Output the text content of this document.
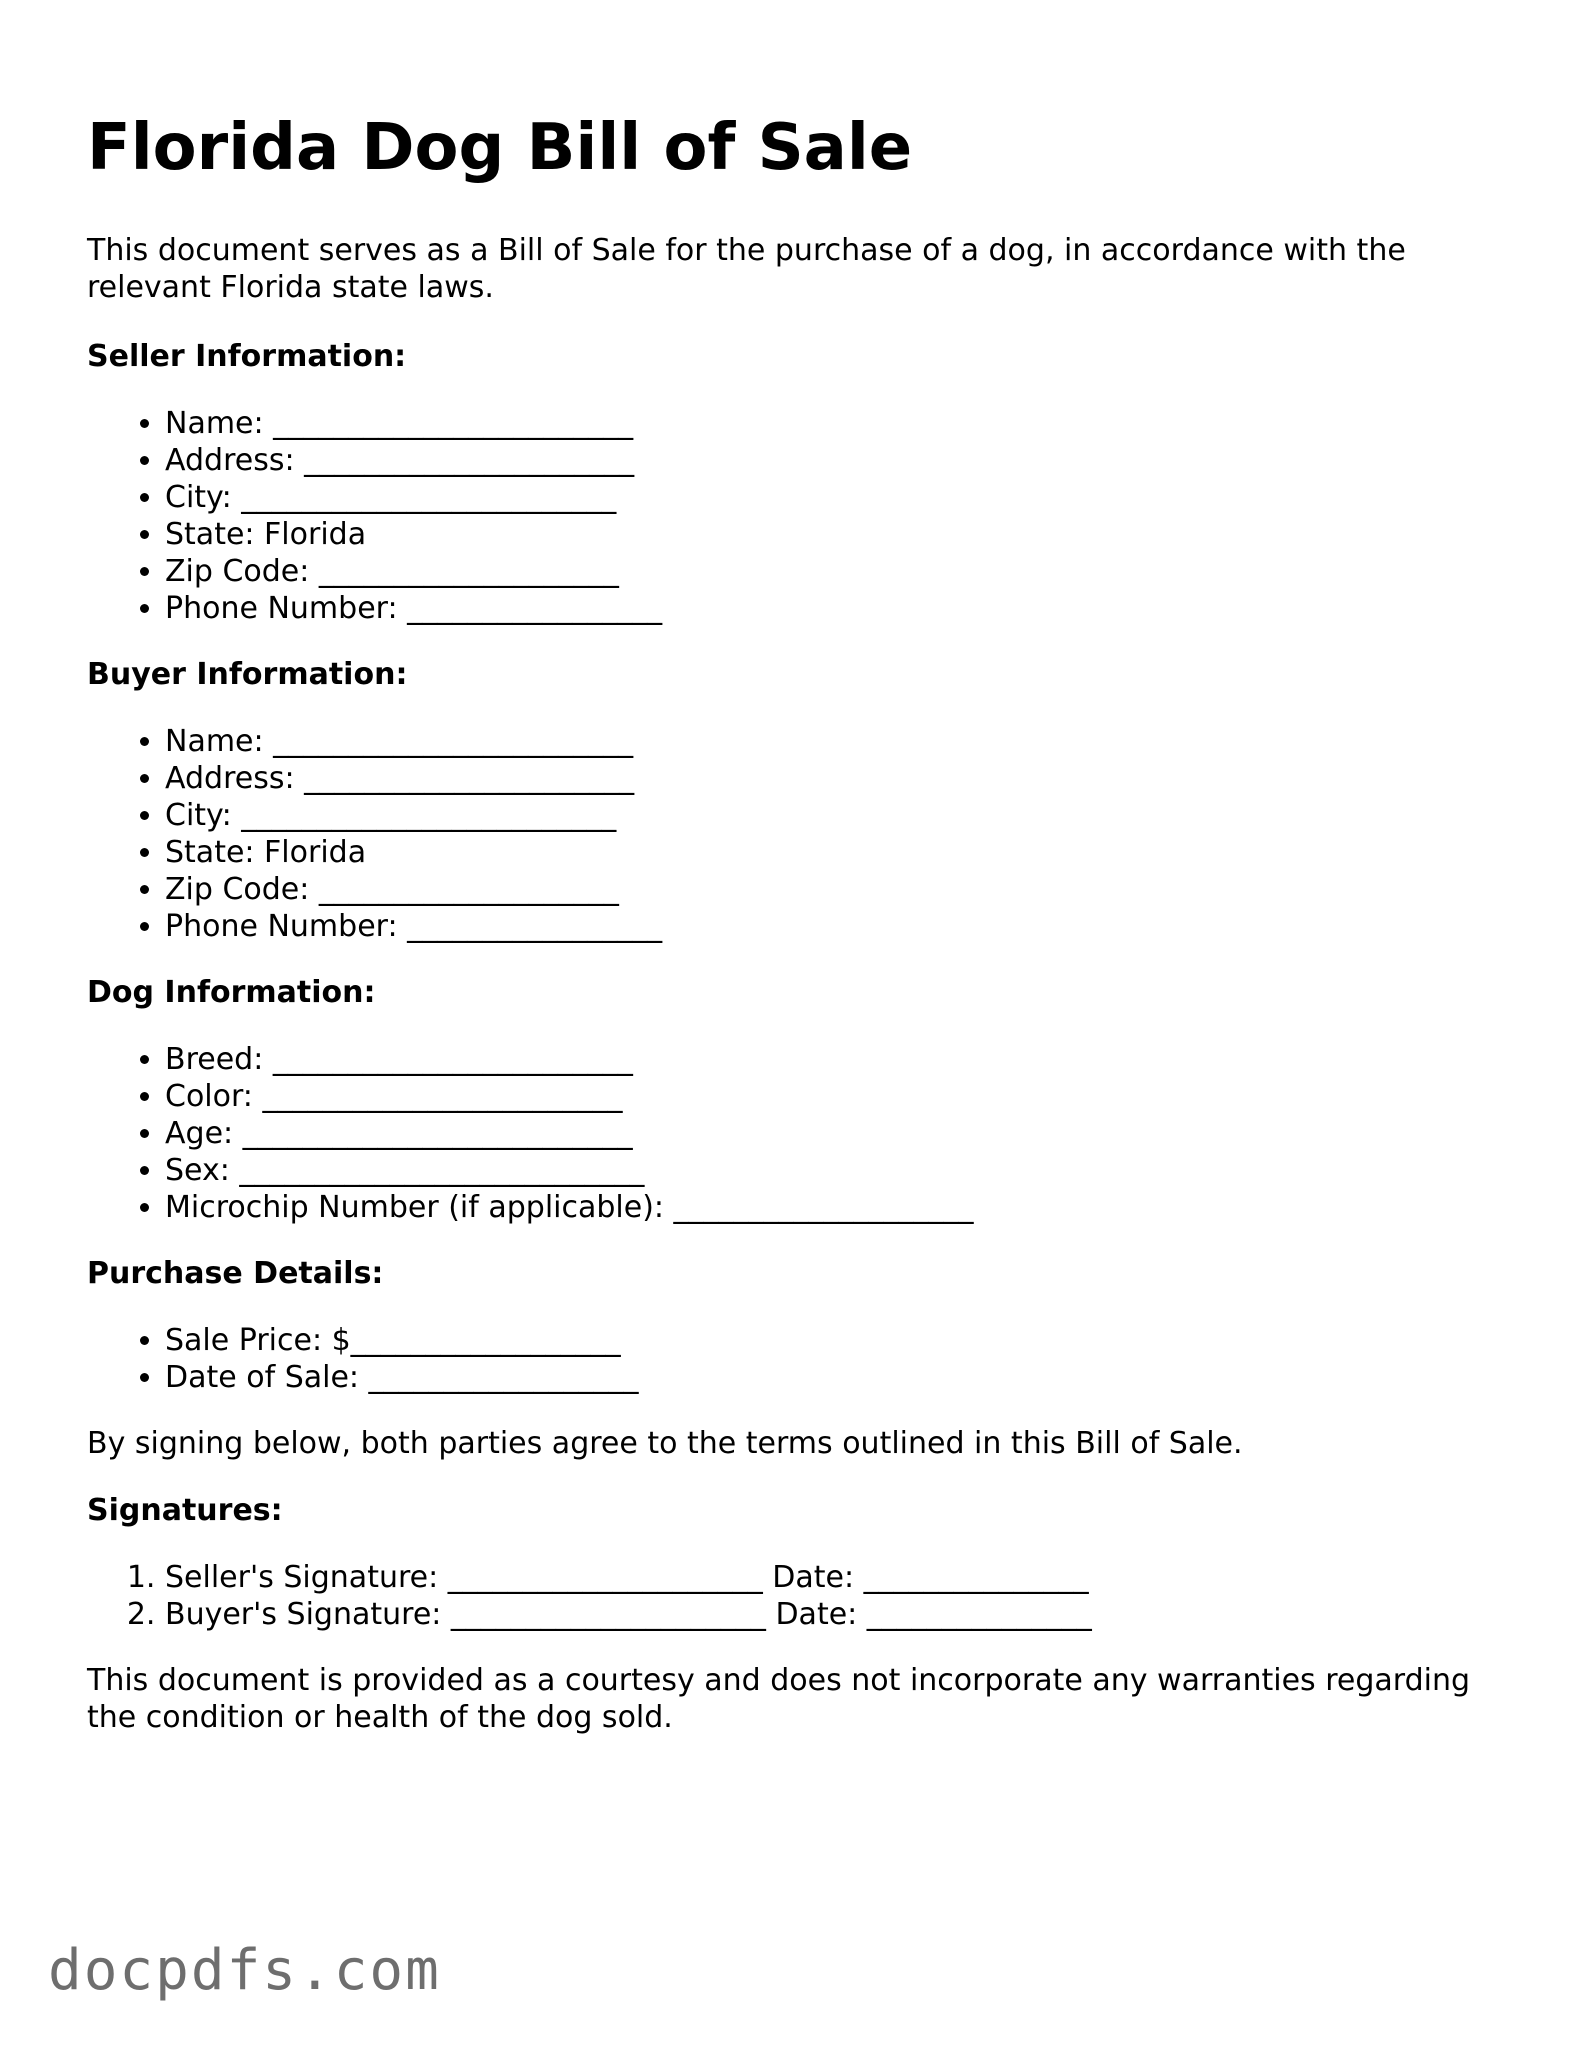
Florida Dog Bill of Sale

This document serves as a Bill of Sale for the purchase of a dog, in accordance with the relevant Florida state laws.

Seller Information:
• Name: ________________________
• Address: ______________________
• City: _________________________
• State: Florida
• Zip Code: ____________________
• Phone Number: _________________
Buyer Information:
• Name: ________________________
• Address: ______________________
• City: _________________________
• State: Florida
• Zip Code: ____________________
• Phone Number: _________________
Dog Information:
• Breed: ________________________
• Color: ________________________
• Age: __________________________
• Sex: ___________________________
• Microchip Number (if applicable): ____________________
Purchase Details:
• Sale Price: $__________________
• Date of Sale: __________________

By signing below, both parties agree to the terms outlined in this Bill of Sale.

Signatures:
1. Seller's Signature: _____________________ Date: _______________
2. Buyer's Signature: _____________________ Date: _______________

This document is provided as a courtesy and does not incorporate any warranties regarding the condition or health of the dog sold.

docpdfs.com
